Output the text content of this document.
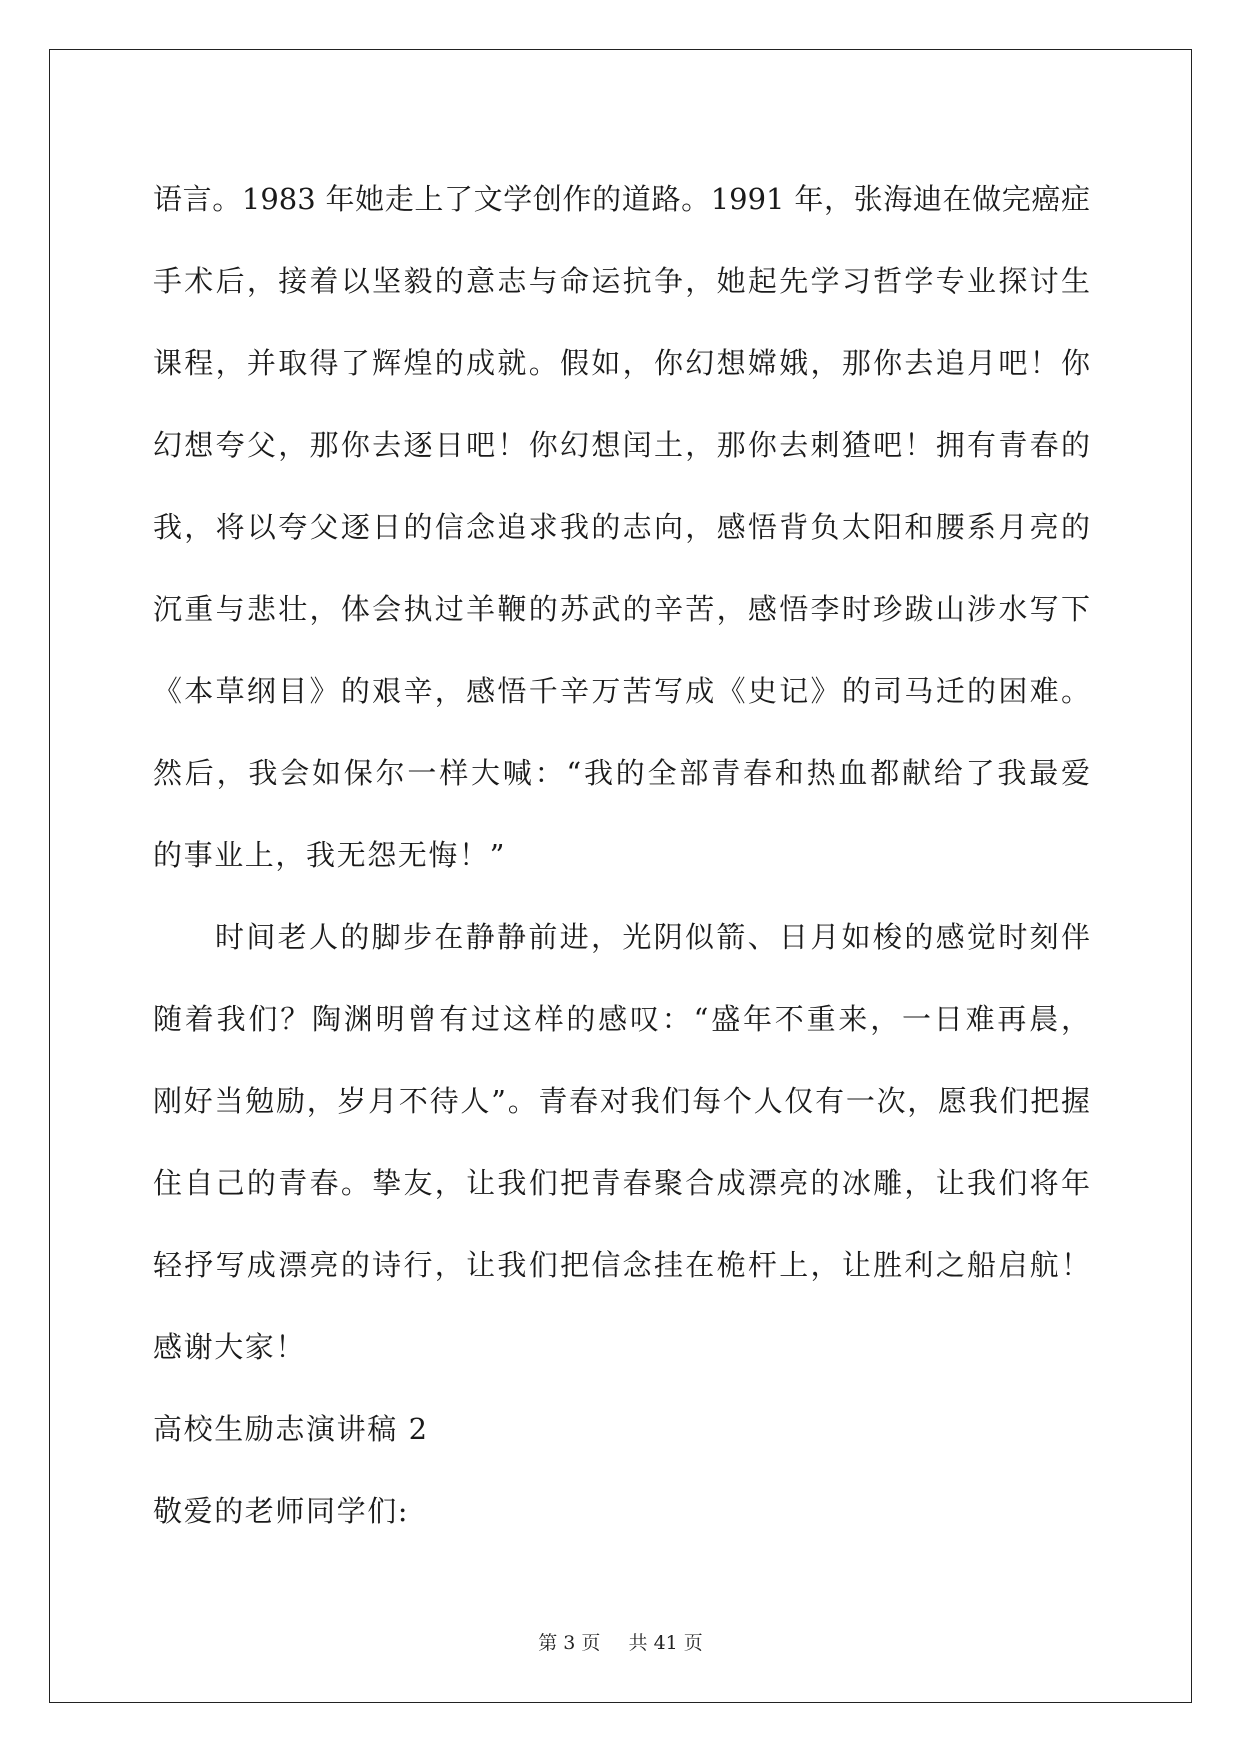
语言。1983 年她走上了文学创作的道路。1991 年，张海迪在做完癌症
手术后，接着以坚毅的意志与命运抗争，她起先学习哲学专业探讨生
课程，并取得了辉煌的成就。假如，你幻想嫦娥，那你去追月吧！你
幻想夸父，那你去逐日吧！你幻想闰土，那你去刺猹吧！拥有青春的
我，将以夸父逐日的信念追求我的志向，感悟背负太阳和腰系月亮的
沉重与悲壮，体会执过羊鞭的苏武的辛苦，感悟李时珍跋山涉水写下
《本草纲目》的艰辛，感悟千辛万苦写成《史记》的司马迁的困难。
然后，我会如保尔一样大喊：“我的全部青春和热血都献给了我最爱
的事业上，我无怨无悔！”
时间老人的脚步在静静前进，光阴似箭、日月如梭的感觉时刻伴
随着我们？陶渊明曾有过这样的感叹：“盛年不重来，一日难再晨，
刚好当勉励，岁月不待人”。青春对我们每个人仅有一次，愿我们把握
住自己的青春。挚友，让我们把青春聚合成漂亮的冰雕，让我们将年
轻抒写成漂亮的诗行，让我们把信念挂在桅杆上，让胜利之船启航！
感谢大家！
高校生励志演讲稿 2
敬爱的老师同学们:
第 3 页 共 41 页
